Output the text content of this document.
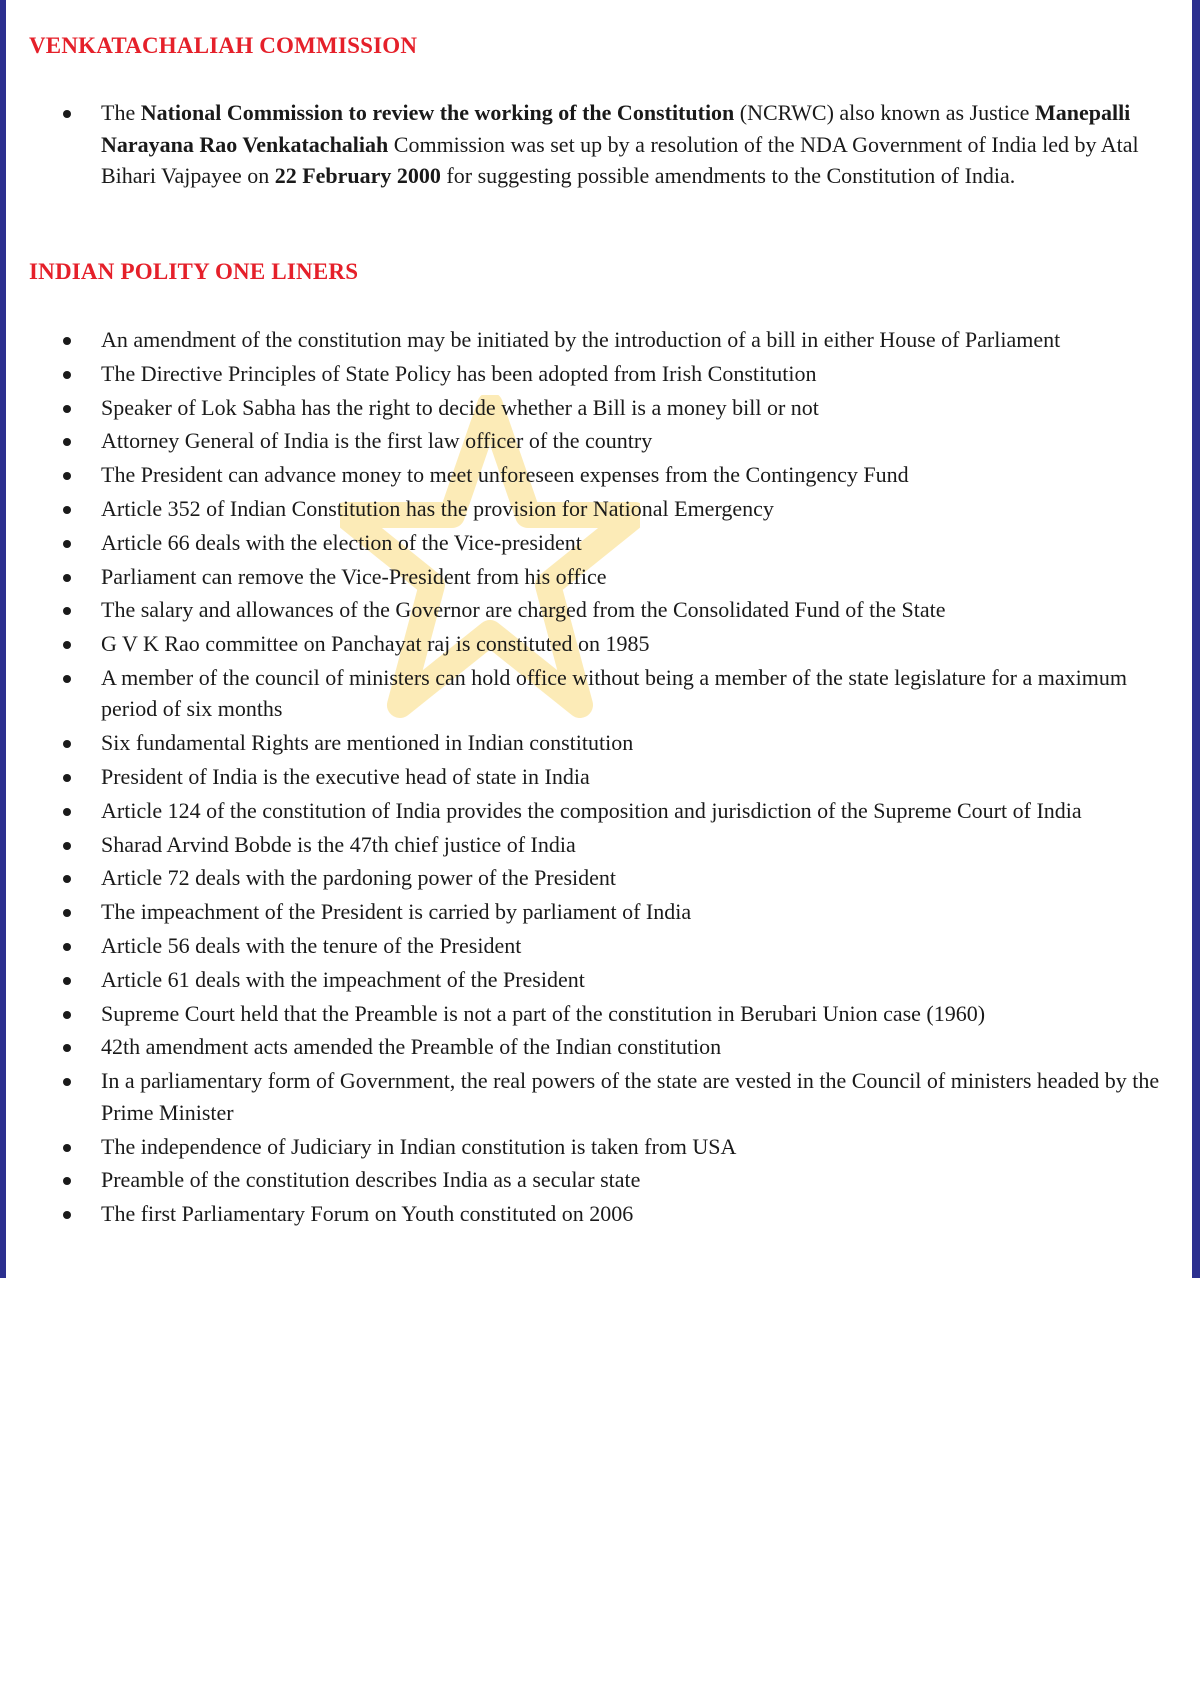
VENKATACHALIAH COMMISSION
The National Commission to review the working of the Constitution (NCRWC) also known as Justice Manepalli Narayana Rao Venkatachaliah Commission was set up by a resolution of the NDA Government of India led by Atal Bihari Vajpayee on 22 February 2000 for suggesting possible amendments to the Constitution of India.
INDIAN POLITY ONE LINERS
An amendment of the constitution may be initiated by the introduction of a bill in either House of Parliament
The Directive Principles of State Policy has been adopted from Irish Constitution
Speaker of Lok Sabha has the right to decide whether a Bill is a money bill or not
Attorney General of India is the first law officer of the country
The President can advance money to meet unforeseen expenses from the Contingency Fund
Article 352 of Indian Constitution has the provision for National Emergency
Article 66 deals with the election of the Vice-president
Parliament can remove the Vice-President from his office
The salary and allowances of the Governor are charged from the Consolidated Fund of the State
G V K Rao committee on Panchayat raj is constituted on 1985
A member of the council of ministers can hold office without being a member of the state legislature for a maximum period of six months
Six fundamental Rights are mentioned in Indian constitution
President of India is the executive head of state in India
Article 124 of the constitution of India provides the composition and jurisdiction of the Supreme Court of India
Sharad Arvind Bobde is the 47th chief justice of India
Article 72 deals with the pardoning power of the President
The impeachment of the President is carried by parliament of India
Article 56 deals with the tenure of the President
Article 61 deals with the impeachment of the President
Supreme Court held that the Preamble is not a part of the constitution in Berubari Union case (1960)
42th amendment acts amended the Preamble of the Indian constitution
In a parliamentary form of Government, the real powers of the state are vested in the Council of ministers headed by the Prime Minister
The independence of Judiciary in Indian constitution is taken from USA
Preamble of the constitution describes India as a secular state
The first Parliamentary Forum on Youth constituted on 2006
